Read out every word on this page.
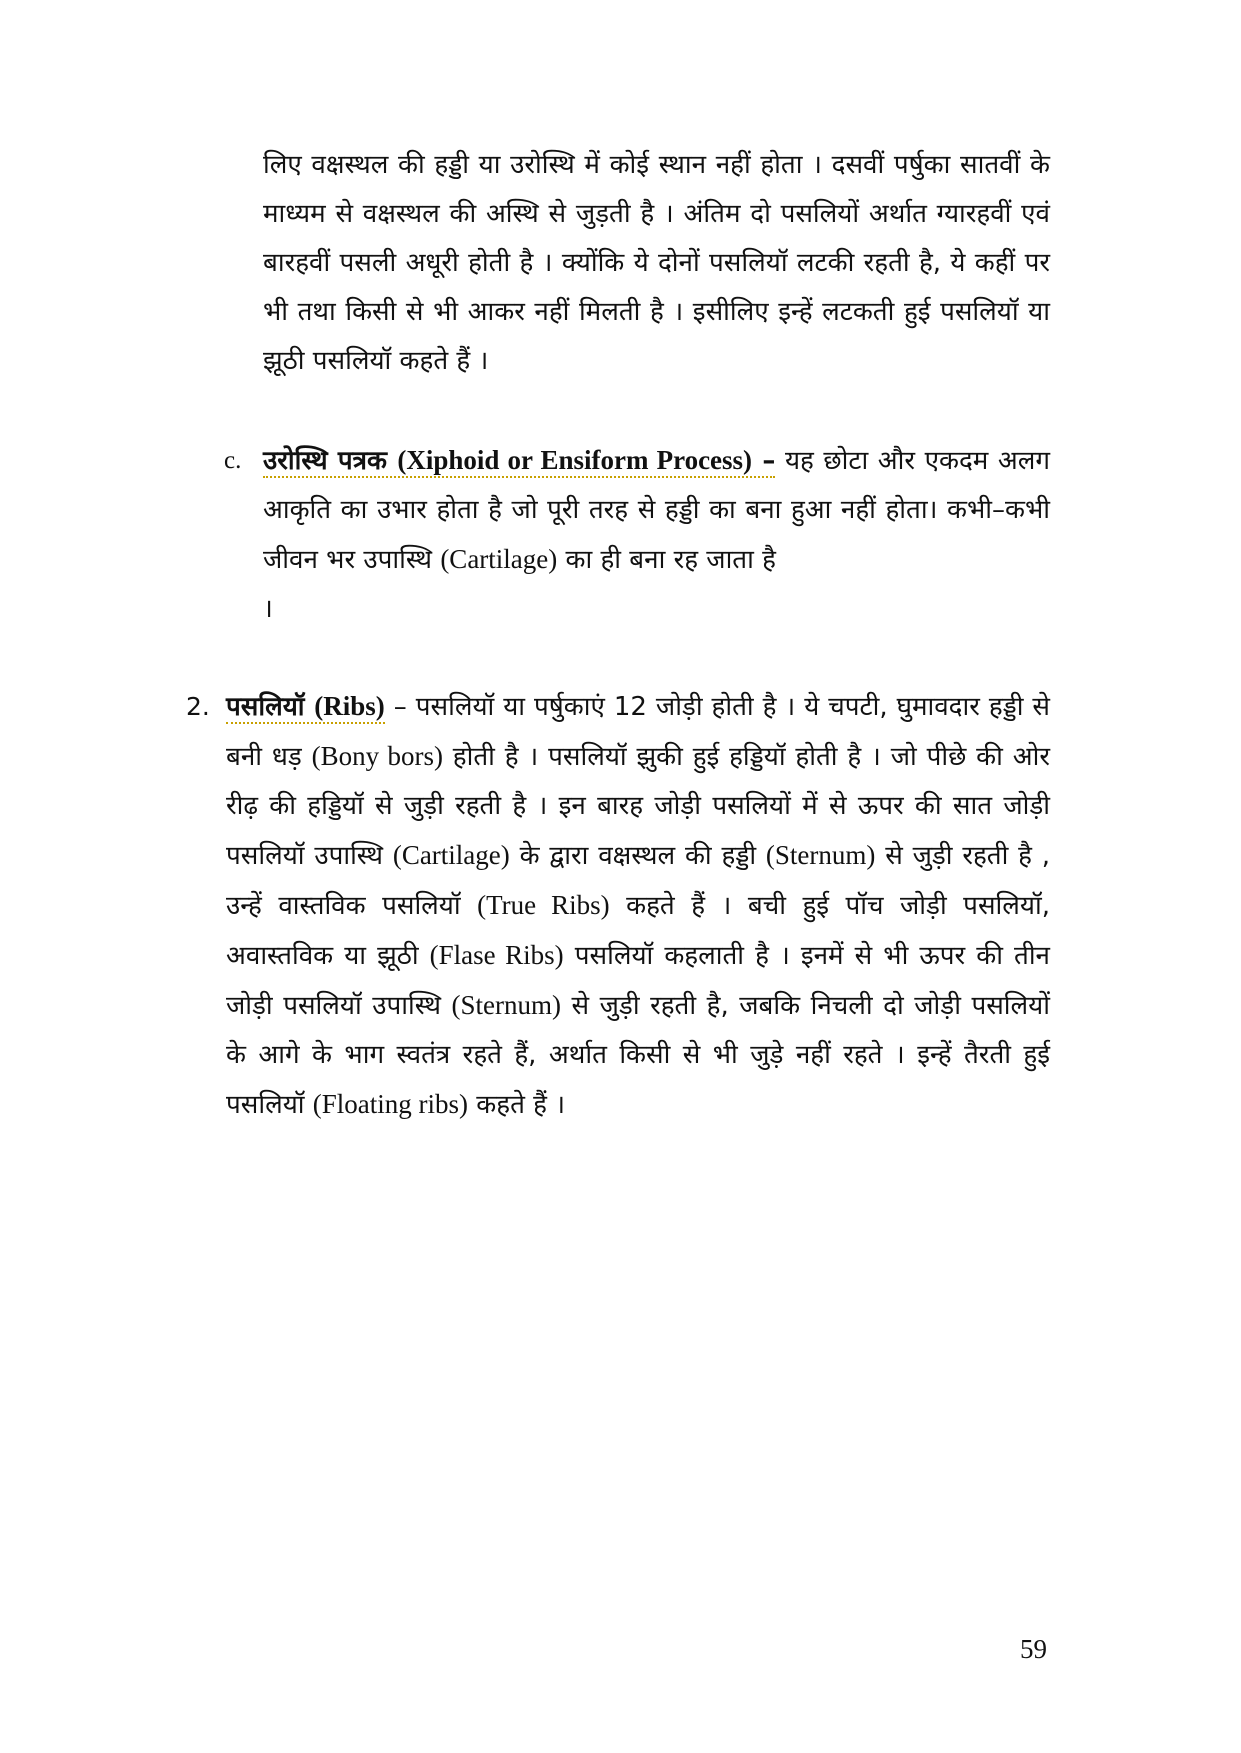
लिए वक्षस्थल की हड्डी या उरोस्थि में कोई स्थान नहीं होता । दसवीं पर्षुका सातवीं के माध्यम से वक्षस्थल की अस्थि से जुड़ती है । अंतिम दो पसलियों अर्थात ग्यारहवीं एवं बारहवीं पसली अधूरी होती है । क्योंकि ये दोनों पसलियॉ लटकी रहती है, ये कहीं पर भी तथा किसी से भी आकर नहीं मिलती है । इसीलिए इन्हें लटकती हुई पसलियॉ या झूठी पसलियॉ कहते हैं ।

c. उरोस्थि पत्रक (Xiphoid or Ensiform Process) – यह छोटा और एकदम अलग आकृति का उभार होता है जो पूरी तरह से हड्डी का बना हुआ नहीं होता। कभी–कभी जीवन भर उपास्थि (Cartilage) का ही बना रह जाता है
।
2. पसलियॉ (Ribs) – पसलियॉ या पर्षुकाएं 12 जोड़ी होती है । ये चपटी, घुमावदार हड्डी से बनी धड़ (Bony bors) होती है । पसलियॉ झुकी हुई हड्डियॉ होती है । जो पीछे की ओर रीढ़ की हड्डियॉ से जुड़ी रहती है । इन बारह जोड़ी पसलियों में से ऊपर की सात जोड़ी पसलियॉ उपास्थि (Cartilage) के द्वारा वक्षस्थल की हड्डी (Sternum) से जुड़ी रहती है , उन्हें वास्तविक पसलियॉ (True Ribs) कहते हैं । बची हुई पॉच जोड़ी पसलियॉ, अवास्तविक या झूठी (Flase Ribs) पसलियॉ कहलाती है । इनमें से भी ऊपर की तीन जोड़ी पसलियॉ उपास्थि (Sternum) से जुड़ी रहती है, जबकि निचली दो जोड़ी पसलियों के आगे के भाग स्वतंत्र रहते हैं, अर्थात किसी से भी जुड़े नहीं रहते । इन्हें तैरती हुई पसलियॉ (Floating ribs) कहते हैं ।
59
